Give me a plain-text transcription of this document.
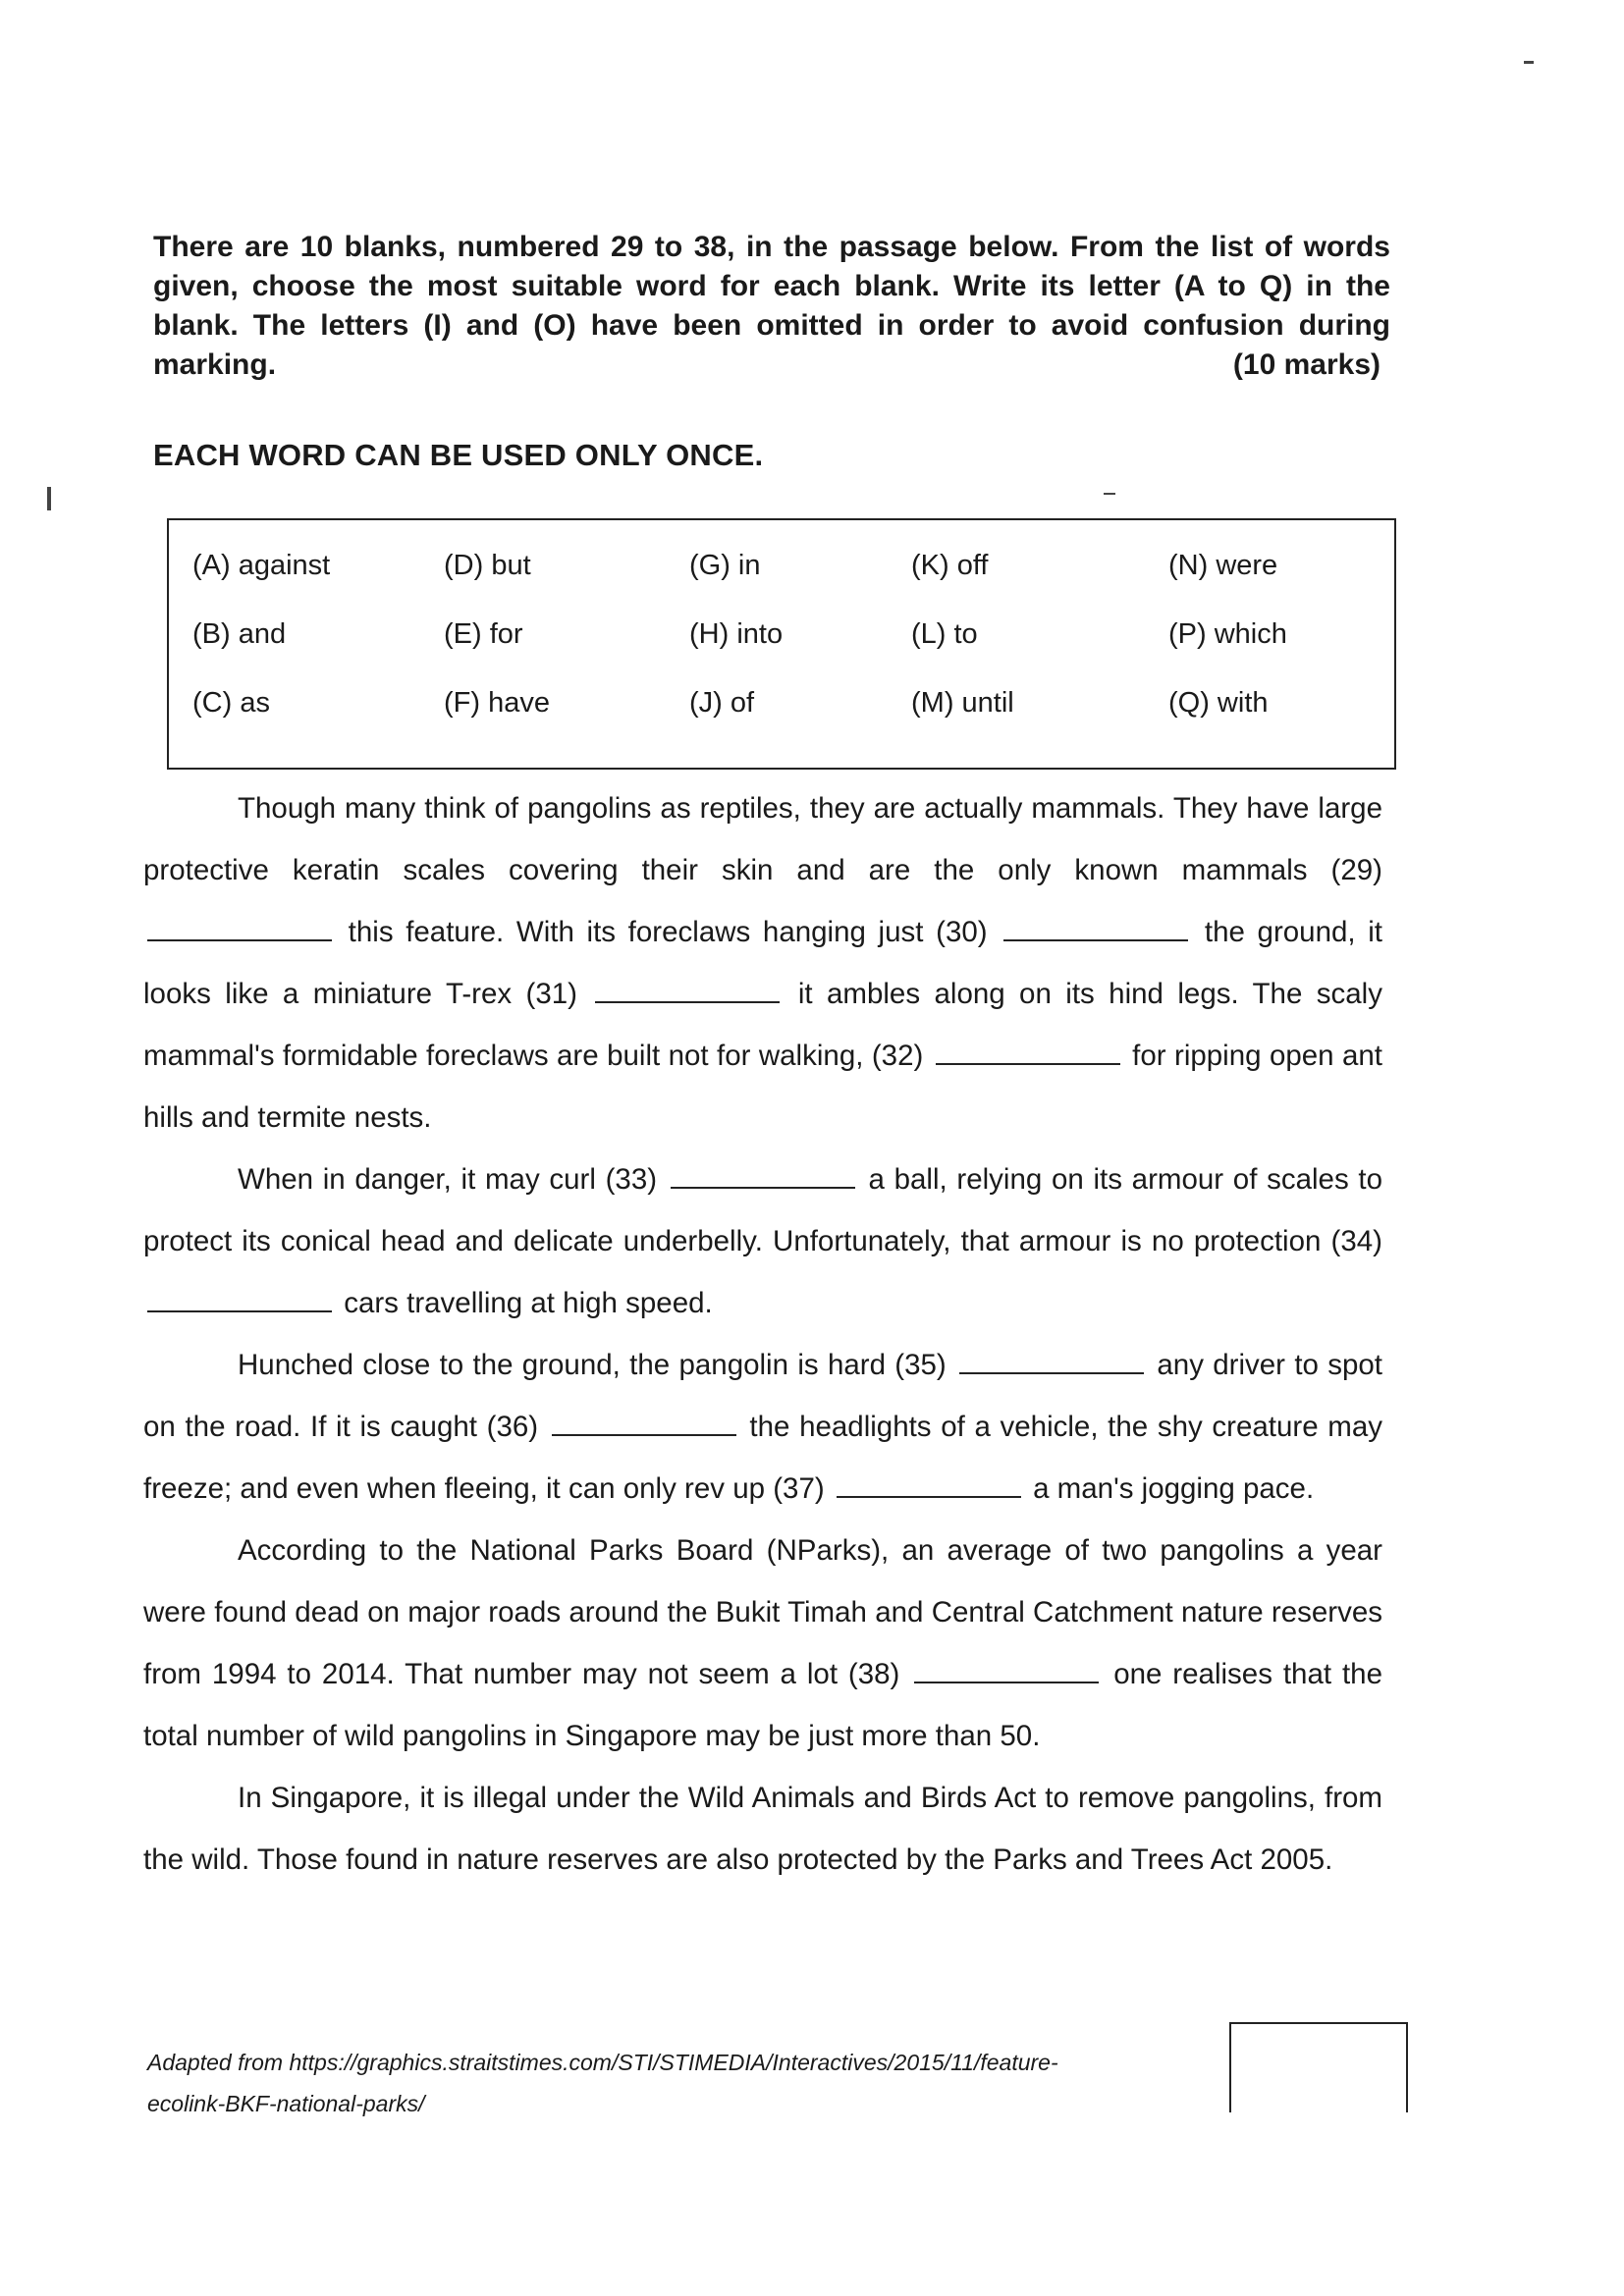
There are 10 blanks, numbered 29 to 38, in the passage below. From the list of words given, choose the most suitable word for each blank. Write its letter (A to Q) in the blank. The letters (I) and (O) have been omitted in order to avoid confusion during marking.	(10 marks)
EACH WORD CAN BE USED ONLY ONCE.
(A) against	(D) but	(G) in	(K) off	(N) were
(B) and	(E) for	(H) into	(L) to	(P) which
(C) as	(F) have	(J) of	(M) until	(Q) with

Though many think of pangolins as reptiles, they are actually mammals. They have large protective keratin scales covering their skin and are the only known mammals (29)  this feature. With its foreclaws hanging just (30)	the ground, it looks like a miniature T-rex (31)	it ambles along on its hind legs. The scaly mammal's formidable foreclaws are built not for walking, (32)	for ripping open ant hills and termite nests.

When in danger, it may curl (33)	a ball, relying on its armour of scales to protect its conical head and delicate underbelly. Unfortunately, that armour is no protection (34)  cars travelling at high speed.

Hunched close to the ground, the pangolin is hard (35)	any driver to spot on the road. If it is caught (36)	the headlights of a vehicle, the shy creature may freeze; and even when fleeing, it can only rev up (37)	a man's jogging pace.

According to the National Parks Board (NParks), an average of two pangolins a year were found dead on major roads around the Bukit Timah and Central Catchment nature reserves from 1994 to 2014. That number may not seem a lot (38)	one realises that the total number of wild pangolins in Singapore may be just more than 50.

In Singapore, it is illegal under the Wild Animals and Birds Act to remove pangolins, from the wild. Those found in nature reserves are also protected by the Parks and Trees Act 2005.

Adapted from https://graphics.straitstimes.com/STI/STIMEDIA/Interactives/2015/11/feature-ecolink-BKF-national-parks/
